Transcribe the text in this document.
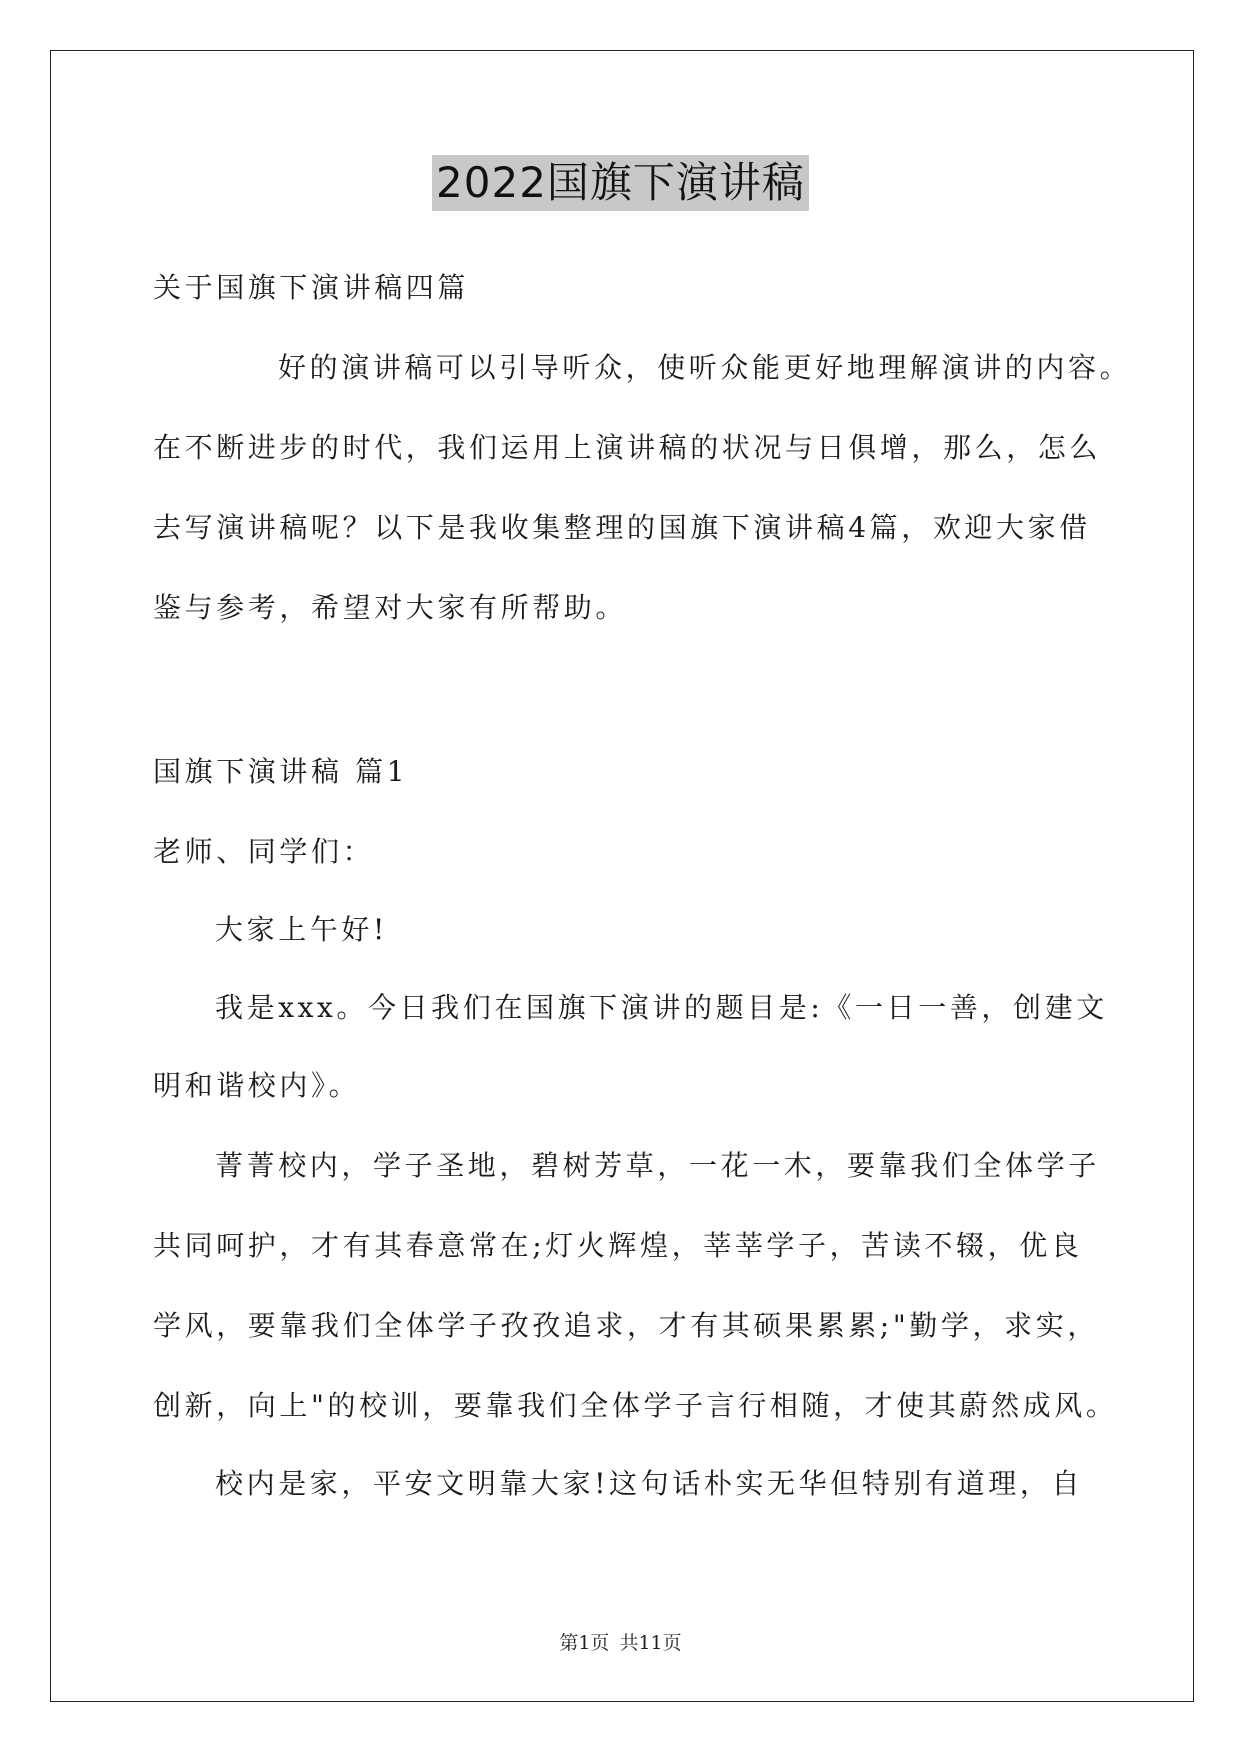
2022国旗下演讲稿
关于国旗下演讲稿四篇
好的演讲稿可以引导听众，使听众能更好地理解演讲的内容。
在不断进步的时代，我们运用上演讲稿的状况与日俱增，那么，怎么
去写演讲稿呢？以下是我收集整理的国旗下演讲稿4篇，欢迎大家借
鉴与参考，希望对大家有所帮助。
国旗下演讲稿 篇1
老师、同学们：
大家上午好!
我是xxx。今日我们在国旗下演讲的题目是:《一日一善，创建文
明和谐校内》。
菁菁校内，学子圣地，碧树芳草，一花一木，要靠我们全体学子
共同呵护，才有其春意常在;灯火辉煌，莘莘学子，苦读不辍，优良
学风，要靠我们全体学子孜孜追求，才有其硕果累累;"勤学，求实，
创新，向上"的校训，要靠我们全体学子言行相随，才使其蔚然成风。
校内是家，平安文明靠大家!这句话朴实无华但特别有道理，自
第1页 共11页
